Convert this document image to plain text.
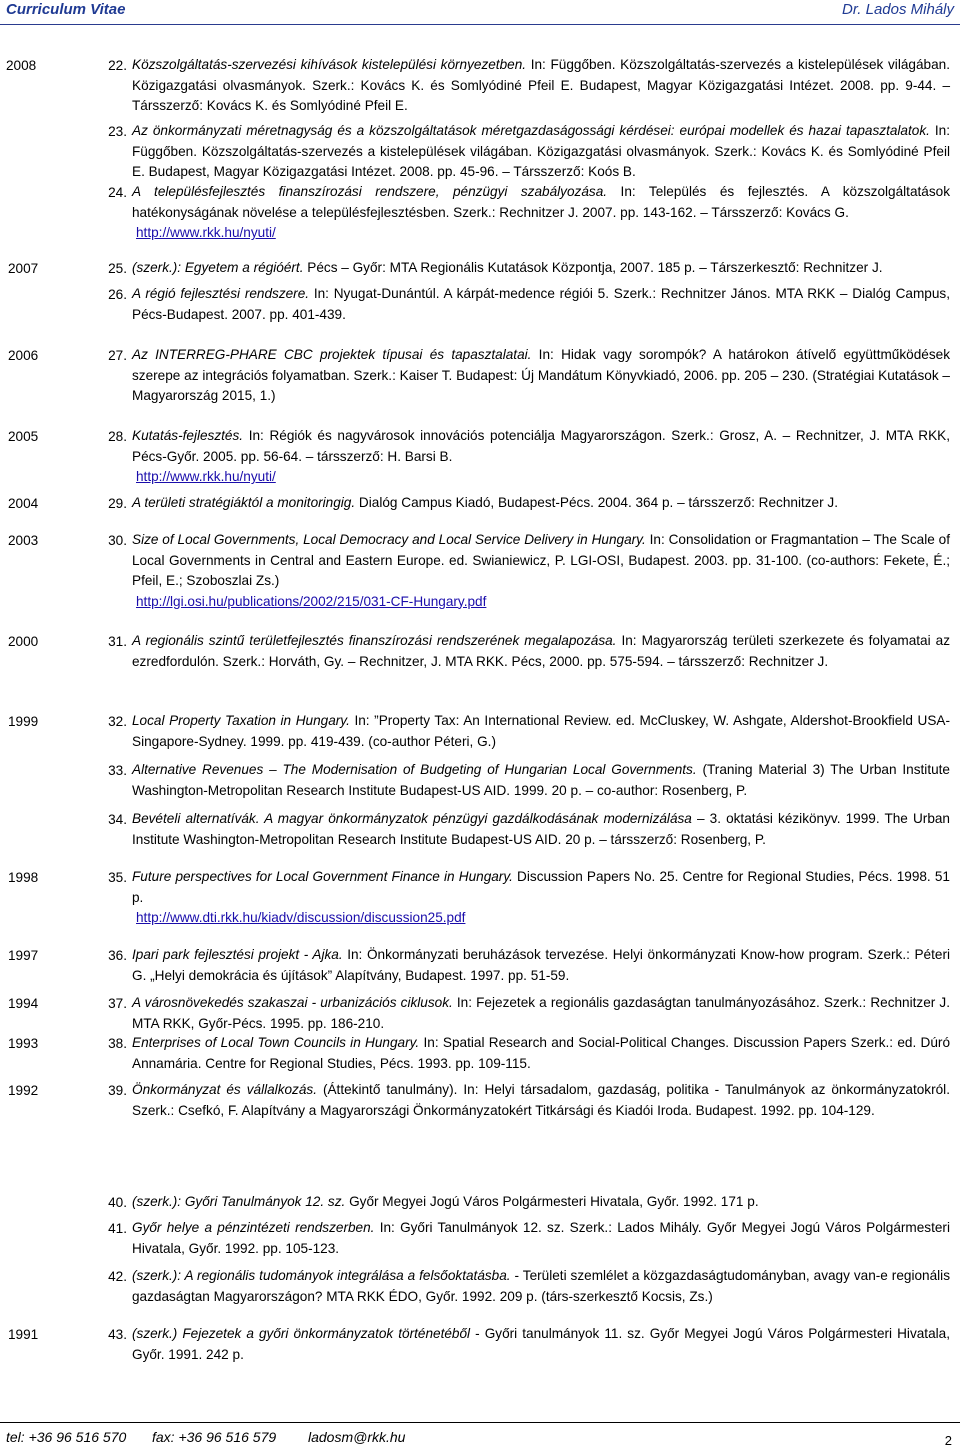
Curriculum Vitae	Dr. Lados Mihály
2008	22. Közszolgáltatás-szervezési kihívások kistelepülési környezetben. In: Függőben. Közszolgáltatás-szervezés a kistelepülések világában. Közigazgatási olvasmányok. Szerk.: Kovács K. és Somlyódiné Pfeil E. Budapest, Magyar Közigazgatási Intézet. 2008. pp. 9-44. – Társszerző: Kovács K. és Somlyódiné Pfeil E.
23. Az önkormányzati méretnagyság és a közszolgáltatások méretgazdaságossági kérdései: európai modellek és hazai tapasztalatok. In: Függőben. Közszolgáltatás-szervezés a kistelepülések világában. Közigazgatási olvasmányok. Szerk.: Kovács K. és Somlyódiné Pfeil E. Budapest, Magyar Közigazgatási Intézet. 2008. pp. 45-96. – Társszerző: Koós B.
24. A településfejlesztés finanszírozási rendszere, pénzügyi szabályozása. In: Település és fejlesztés. A közszolgáltatások hatékonyságának növelése a településfejlesztésben. Szerk.: Rechnitzer J. 2007. pp. 143-162. – Társszerző: Kovács G.
http://www.rkk.hu/nyuti/
2007	25. (szerk.): Egyetem a régióért. Pécs – Győr: MTA Regionális Kutatások Központja, 2007. 185 p. – Társzerkesztő: Rechnitzer J.
26. A régió fejlesztési rendszere. In: Nyugat-Dunántúl. A kárpát-medence régiói 5. Szerk.: Rechnitzer János. MTA RKK – Dialóg Campus, Pécs-Budapest. 2007. pp. 401-439.
2006	27. Az INTERREG-PHARE CBC projektek típusai és tapasztalatai. In: Hidak vagy sorompók? A határokon átívelő együttműködések szerepe az integrációs folyamatban. Szerk.: Kaiser T. Budapest: Új Mandátum Könyvkiadó, 2006. pp. 205 – 230. (Stratégiai Kutatások – Magyarország 2015, 1.)
2005	28. Kutatás-fejlesztés. In: Régiók és nagyvárosok innovációs potenciálja Magyarországon. Szerk.: Grosz, A. – Rechnitzer, J. MTA RKK, Pécs-Győr. 2005. pp. 56-64. – társszerző: H. Barsi B.
http://www.rkk.hu/nyuti/
2004	29. A területi stratégiáktól a monitoringig. Dialóg Campus Kiadó, Budapest-Pécs. 2004. 364 p. – társszerző: Rechnitzer J.
2003	30. Size of Local Governments, Local Democracy and Local Service Delivery in Hungary. In: Consolidation or Fragmantation – The Scale of Local Governments in Central and Eastern Europe. ed. Swianiewicz, P. LGI-OSI, Budapest. 2003. pp. 31-100. (co-authors: Fekete, É.; Pfeil, E.; Szoboszlai Zs.)
http://lgi.osi.hu/publications/2002/215/031-CF-Hungary.pdf
2000	31. A regionális szintű területfejlesztés finanszírozási rendszerének megalapozása. In: Magyarország területi szerkezete és folyamatai az ezredfordulón. Szerk.: Horváth, Gy. – Rechnitzer, J. MTA RKK. Pécs, 2000. pp. 575-594. – társszerző: Rechnitzer J.
1999	32. Local Property Taxation in Hungary. In: ”Property Tax: An International Review. ed. McCluskey, W. Ashgate, Aldershot-Brookfield USA-Singapore-Sydney. 1999. pp. 419-439. (co-author Péteri, G.)
33. Alternative Revenues – The Modernisation of Budgeting of Hungarian Local Governments. (Traning Material 3) The Urban Institute Washington-Metropolitan Research Institute Budapest-US AID. 1999. 20 p. – co-author: Rosenberg, P.
34. Bevételi alternatívák. A magyar önkormányzatok pénzügyi gazdálkodásának modernizálása – 3. oktatási kézikönyv. 1999. The Urban Institute Washington-Metropolitan Research Institute Budapest-US AID. 20 p. – társszerző: Rosenberg, P.
1998	35. Future perspectives for Local Government Finance in Hungary. Discussion Papers No. 25. Centre for Regional Studies, Pécs. 1998. 51 p.
http://www.dti.rkk.hu/kiadv/discussion/discussion25.pdf
1997	36. Ipari park fejlesztési projekt - Ajka. In: Önkormányzati beruházások tervezése. Helyi önkormányzati Know-how program. Szerk.: Péteri G. „Helyi demokrácia és újítások” Alapítvány, Budapest. 1997. pp. 51-59.
1994	37. A városnövekedés szakaszai - urbanizációs ciklusok. In: Fejezetek a regionális gazdaságtan tanulmányozásához. Szerk.: Rechnitzer J. MTA RKK, Győr-Pécs. 1995. pp. 186-210.
1993	38. Enterprises of Local Town Councils in Hungary. In: Spatial Research and Social-Political Changes. Discussion Papers Szerk.: ed. Dúró Annamária. Centre for Regional Studies, Pécs. 1993. pp. 109-115.
1992	39. Önkormányzat és vállalkozás. (Áttekintő tanulmány). In: Helyi társadalom, gazdaság, politika - Tanulmányok az önkormányzatokról. Szerk.: Csefkó, F. Alapítvány a Magyarországi Önkormányzatokért Titkársági és Kiadói Iroda. Budapest. 1992. pp. 104-129.
40. (szerk.): Győri Tanulmányok 12. sz. Győr Megyei Jogú Város Polgármesteri Hivatala, Győr. 1992. 171 p.
41. Győr helye a pénzintézeti rendszerben. In: Győri Tanulmányok 12. sz. Szerk.: Lados Mihály. Győr Megyei Jogú Város Polgármesteri Hivatala, Győr. 1992. pp. 105-123.
42. (szerk.): A regionális tudományok integrálása a felsőoktatásba. - Területi szemlélet a közgazdaságtudományban, avagy van-e regionális gazdaságtan Magyarországon? MTA RKK ÉDO, Győr. 1992. 209 p. (társ-szerkesztő Kocsis, Zs.)
1991	43. (szerk.) Fejezetek a győri önkormányzatok történetéből - Győri tanulmányok 11. sz. Győr Megyei Jogú Város Polgármesteri Hivatala, Győr. 1991. 242 p.
tel: +36 96 516 570 fax: +36 96 516 579 ladosm@rkk.hu	2
